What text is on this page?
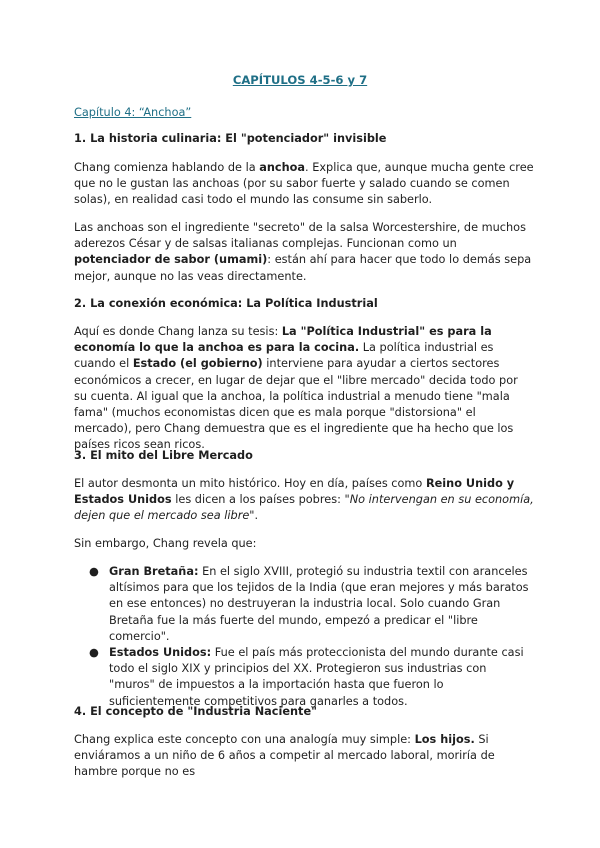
CAPÍTULOS 4-5-6 y 7
Capítulo 4: “Anchoa”
1. La historia culinaria: El "potenciador" invisible
Chang comienza hablando de la anchoa. Explica que, aunque mucha gente cree que no le gustan las anchoas (por su sabor fuerte y salado cuando se comen solas), en realidad casi todo el mundo las consume sin saberlo.
Las anchoas son el ingrediente "secreto" de la salsa Worcestershire, de muchos aderezos César y de salsas italianas complejas. Funcionan como un potenciador de sabor (umami): están ahí para hacer que todo lo demás sepa mejor, aunque no las veas directamente.
2. La conexión económica: La Política Industrial
Aquí es donde Chang lanza su tesis: La "Política Industrial" es para la economía lo que la anchoa es para la cocina. La política industrial es cuando el Estado (el gobierno) interviene para ayudar a ciertos sectores económicos a crecer, en lugar de dejar que el "libre mercado" decida todo por su cuenta. Al igual que la anchoa, la política industrial a menudo tiene "mala fama" (muchos economistas dicen que es mala porque "distorsiona" el mercado), pero Chang demuestra que es el ingrediente que ha hecho que los países ricos sean ricos.
3. El mito del Libre Mercado
El autor desmonta un mito histórico. Hoy en día, países como Reino Unido y Estados Unidos les dicen a los países pobres: "No intervengan en su economía, dejen que el mercado sea libre".
Sin embargo, Chang revela que:
● Gran Bretaña: En el siglo XVIII, protegió su industria textil con aranceles altísimos para que los tejidos de la India (que eran mejores y más baratos en ese entonces) no destruyeran la industria local. Solo cuando Gran Bretaña fue la más fuerte del mundo, empezó a predicar el "libre comercio".
● Estados Unidos: Fue el país más proteccionista del mundo durante casi todo el siglo XIX y principios del XX. Protegieron sus industrias con "muros" de impuestos a la importación hasta que fueron lo suficientemente competitivos para ganarles a todos.
4. El concepto de "Industria Naciente"
Chang explica este concepto con una analogía muy simple: Los hijos. Si enviáramos a un niño de 6 años a competir al mercado laboral, moriría de hambre porque no es
